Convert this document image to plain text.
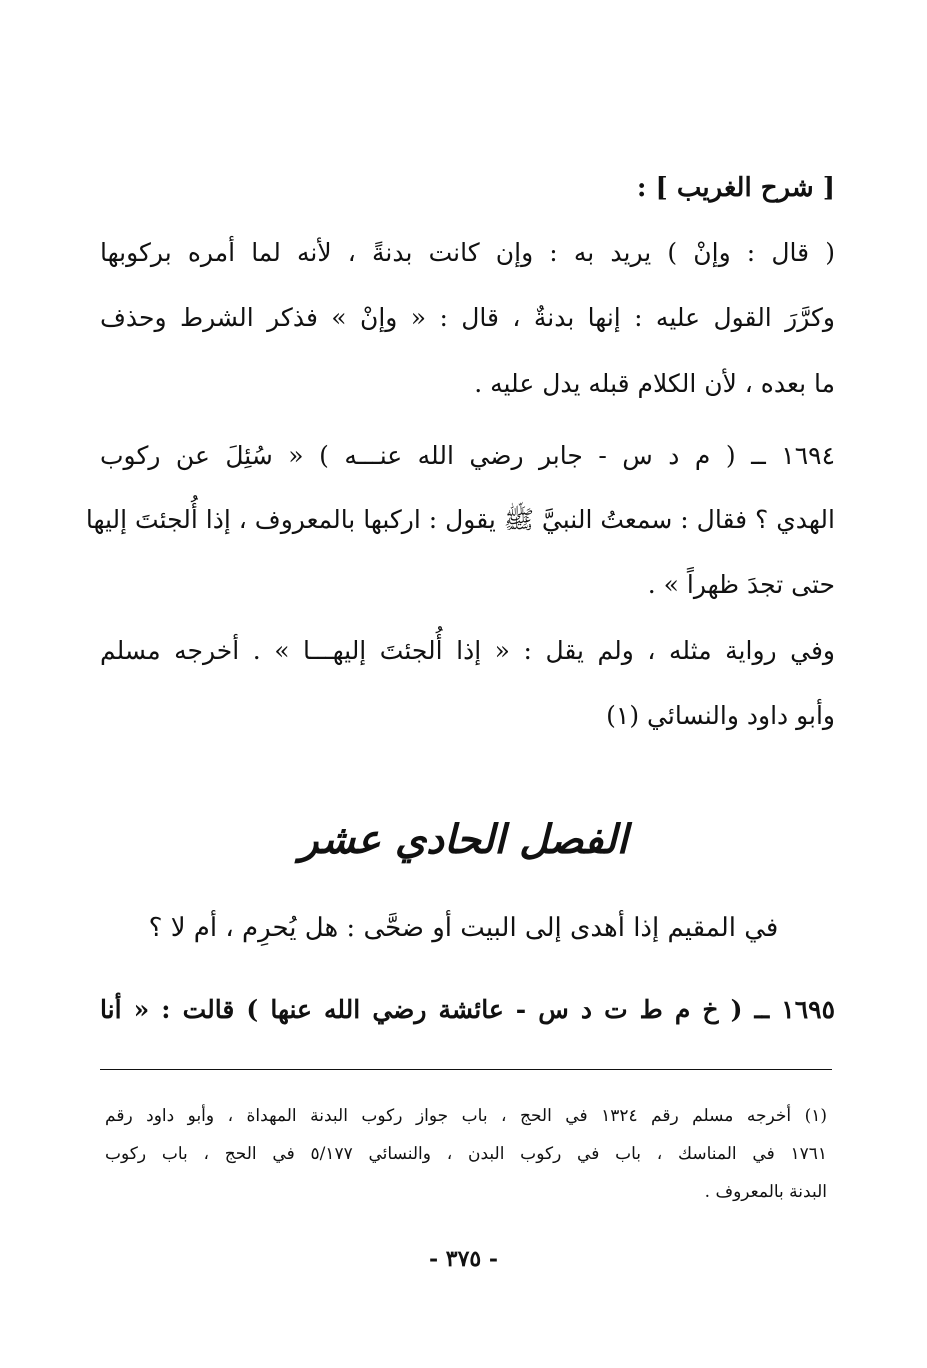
[ شرح الغريب ] :
( قال : وإنْ ) يريد به : وإن كانت بدنةً ، لأنه لما أمره بركوبها
وكرَّرَ القول عليه : إنها بدنةٌ ، قال : « وإنْ » فذكر الشرط وحذف
ما بعده ، لأن الكلام قبله يدل عليه .
١٦٩٤ ــ ( م د س - جابر رضي الله عنـــه ) « سُئِلَ عن ركوب
الهدي ؟ فقال : سمعتُ النبيَّ ﷺ يقول : اركبها بالمعروف ، إذا أُلجئتَ إليها
حتى تجدَ ظهراً » .
وفي رواية مثله ، ولم يقل : « إذا أُلجئتَ إليهـــا » . أخرجه مسلم
وأبو داود والنسائي (١)
الفصل الحادي عشر
في المقيم إذا أهدى إلى البيت أو ضحَّى : هل يُحرِم ، أم لا ؟
١٦٩٥ ــ ( خ م ط ت د س - عائشة رضي الله عنها ) قالت : « أنا
(١) أخرجه مسلم رقم ١٣٢٤ في الحج ، باب جواز ركوب البدنة المهداة ، وأبو داود رقم
١٧٦١ في المناسك ، باب في ركوب البدن ، والنسائي ٥/١٧٧ في الحج ، باب ركوب
البدنة بالمعروف .
- ٣٧٥ -
